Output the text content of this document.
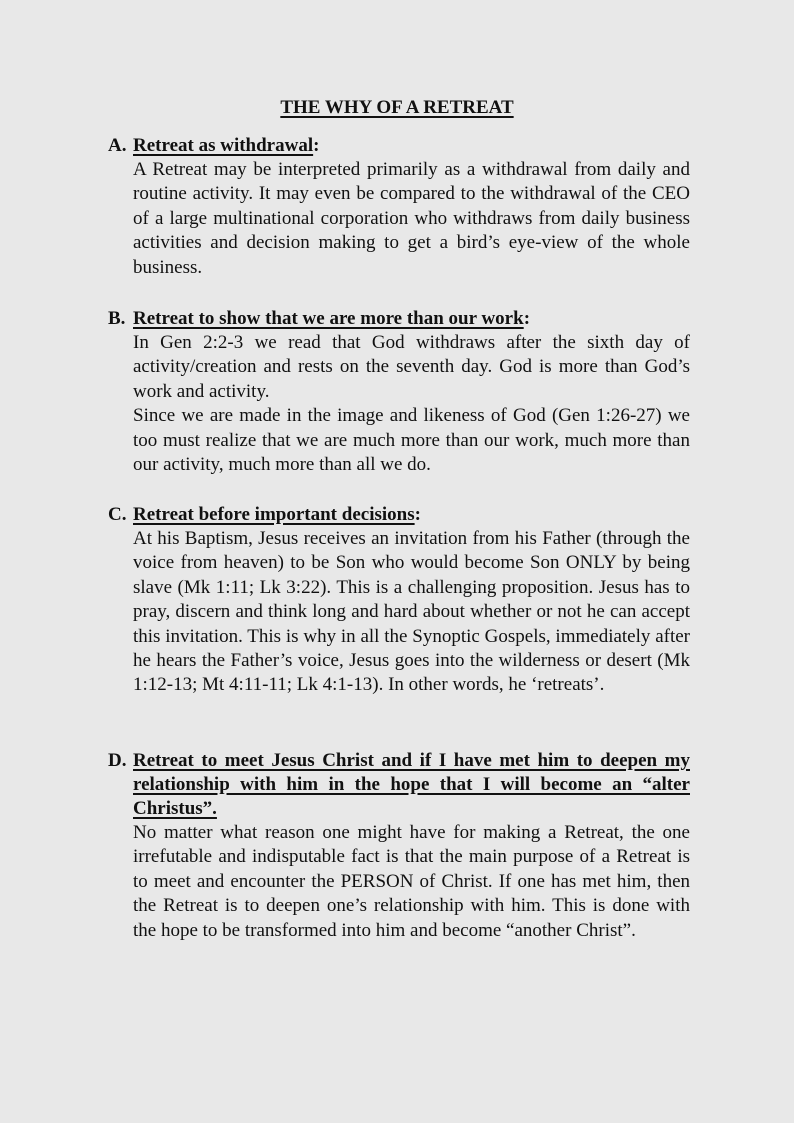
THE WHY OF A RETREAT
A. Retreat as withdrawal:

A Retreat may be interpreted primarily as a withdrawal from daily and routine activity. It may even be compared to the withdrawal of the CEO of a large multinational corporation who withdraws from daily business activities and decision making to get a bird’s eye-view of the whole business.

B. Retreat to show that we are more than our work:

In Gen 2:2-3 we read that God withdraws after the sixth day of activity/creation and rests on the seventh day. God is more than God’s work and activity.

Since we are made in the image and likeness of God (Gen 1:26-27) we too must realize that we are much more than our work, much more than our activity, much more than all we do.

C. Retreat before important decisions:

At his Baptism, Jesus receives an invitation from his Father (through the voice from heaven) to be Son who would become Son ONLY by being slave (Mk 1:11; Lk 3:22). This is a challenging proposition. Jesus has to pray, discern and think long and hard about whether or not he can accept this invitation. This is why in all the Synoptic Gospels, immediately after he hears the Father’s voice, Jesus goes into the wilderness or desert (Mk 1:12-13; Mt 4:11-11; Lk 4:1-13). In other words, he ‘retreats’.

D. Retreat to meet Jesus Christ and if I have met him to deepen my relationship with him in the hope that I will become an “alter Christus”.

No matter what reason one might have for making a Retreat, the one irrefutable and indisputable fact is that the main purpose of a Retreat is to meet and encounter the PERSON of Christ. If one has met him, then the Retreat is to deepen one’s relationship with him. This is done with the hope to be transformed into him and become “another Christ”.
